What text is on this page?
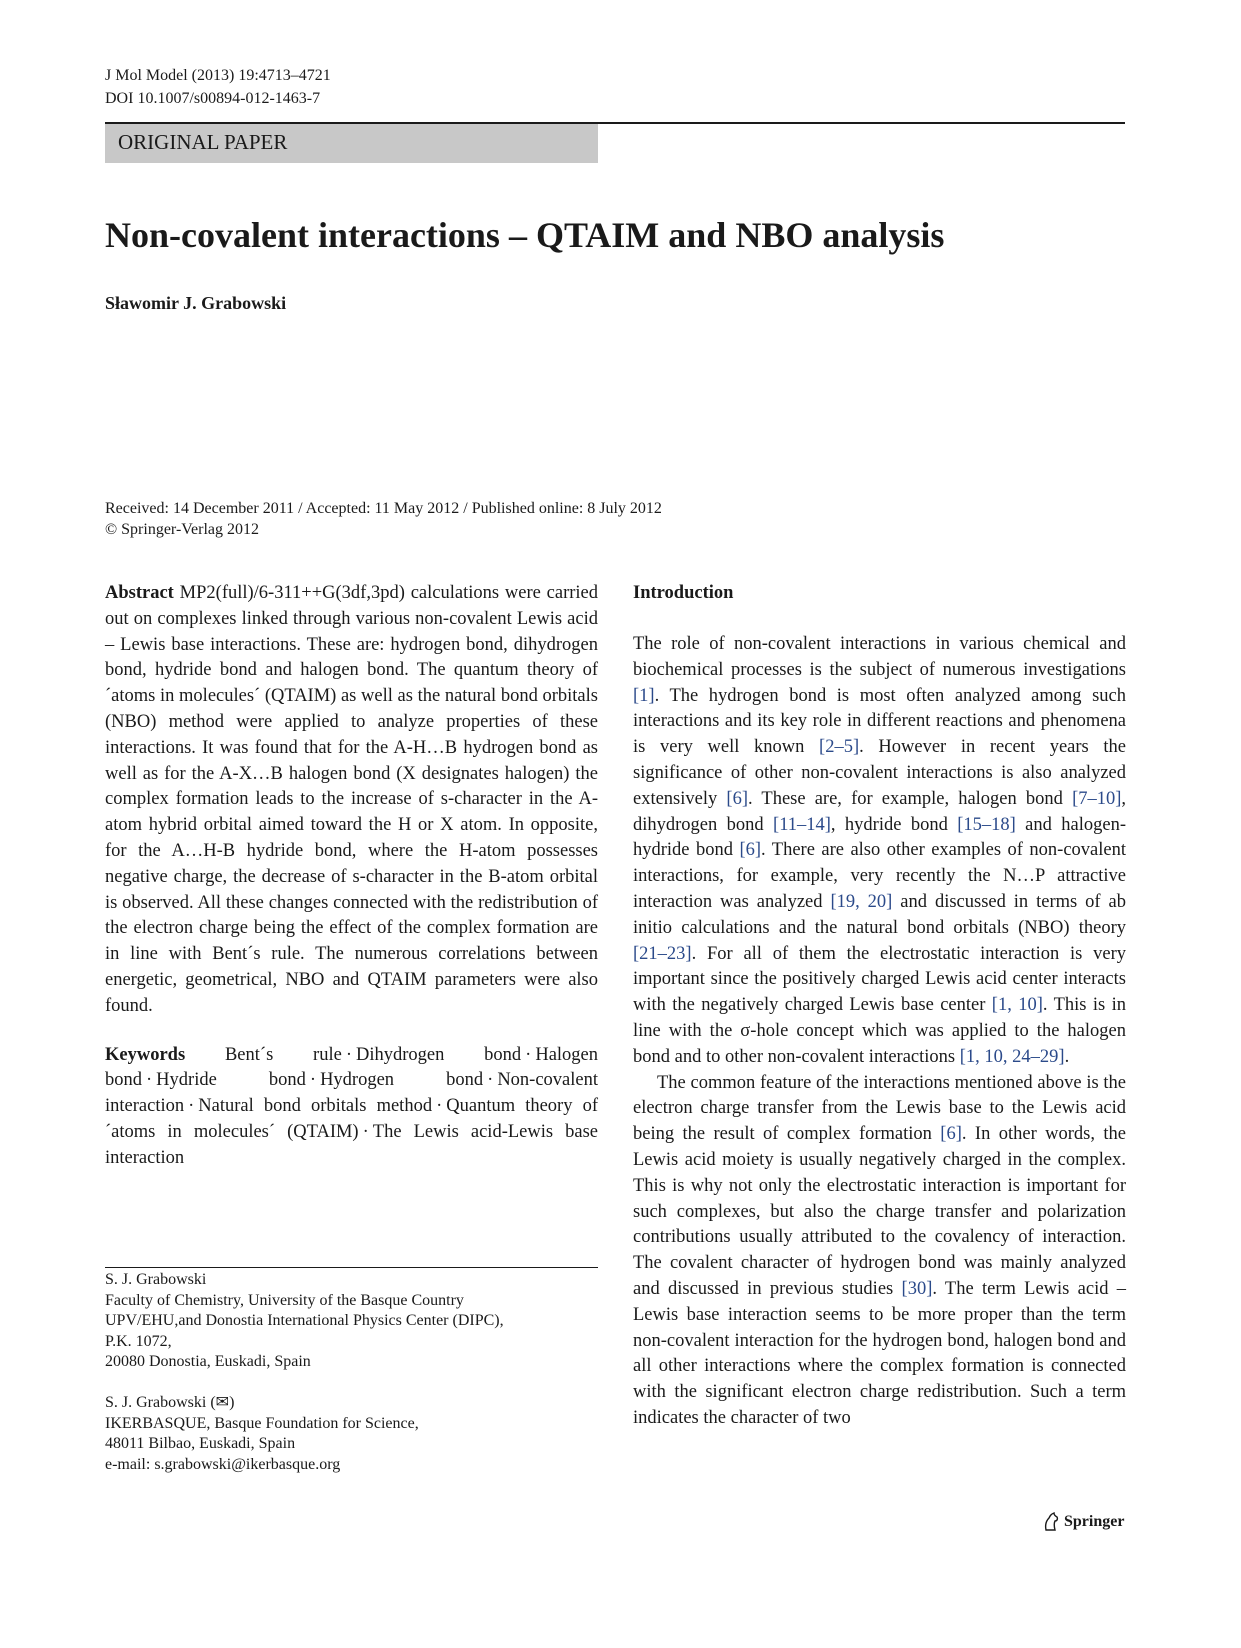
J Mol Model (2013) 19:4713–4721
DOI 10.1007/s00894-012-1463-7
ORIGINAL PAPER
Non-covalent interactions – QTAIM and NBO analysis
Sławomir J. Grabowski
Received: 14 December 2011 / Accepted: 11 May 2012 / Published online: 8 July 2012
© Springer-Verlag 2012

Abstract MP2(full)/6-311++G(3df,3pd) calculations were carried out on complexes linked through various non-covalent Lewis acid – Lewis base interactions. These are: hydrogen bond, dihydrogen bond, hydride bond and halogen bond. The quantum theory of ´atoms in molecules´ (QTAIM) as well as the natural bond orbitals (NBO) method were applied to analyze properties of these interactions. It was found that for the A-H…B hydrogen bond as well as for the A-X…B halogen bond (X designates halogen) the complex formation leads to the increase of s-character in the A-atom hybrid orbital aimed toward the H or X atom. In opposite, for the A…H-B hydride bond, where the H-atom possesses negative charge, the decrease of s-character in the B-atom orbital is observed. All these changes connected with the redistribution of the electron charge being the effect of the complex formation are in line with Bent´s rule. The numerous correlations between energetic, geometrical, NBO and QTAIM parameters were also found.

Keywords Bent´s rule · Dihydrogen bond · Halogen bond · Hydride bond · Hydrogen bond · Non-covalent interaction · Natural bond orbitals method · Quantum theory of ´atoms in molecules´ (QTAIM) · The Lewis acid-Lewis base interaction

S. J. Grabowski
Faculty of Chemistry, University of the Basque Country
UPV/EHU,and Donostia International Physics Center (DIPC),
P.K. 1072,
20080 Donostia, Euskadi, Spain
S. J. Grabowski (✉)
IKERBASQUE, Basque Foundation for Science,
48011 Bilbao, Euskadi, Spain
e-mail: s.grabowski@ikerbasque.org

Introduction

The role of non-covalent interactions in various chemical and biochemical processes is the subject of numerous investigations [1]. The hydrogen bond is most often analyzed among such interactions and its key role in different reactions and phenomena is very well known [2–5]. However in recent years the significance of other non-covalent interactions is also analyzed extensively [6]. These are, for example, halogen bond [7–10], dihydrogen bond [11–14], hydride bond [15–18] and halogen-hydride bond [6]. There are also other examples of non-covalent interactions, for example, very recently the N…P attractive interaction was analyzed [19, 20] and discussed in terms of ab initio calculations and the natural bond orbitals (NBO) theory [21–23]. For all of them the electrostatic interaction is very important since the positively charged Lewis acid center interacts with the negatively charged Lewis base center [1, 10]. This is in line with the σ-hole concept which was applied to the halogen bond and to other non-covalent interactions [1, 10, 24–29].

The common feature of the interactions mentioned above is the electron charge transfer from the Lewis base to the Lewis acid being the result of complex formation [6]. In other words, the Lewis acid moiety is usually negatively charged in the complex. This is why not only the electrostatic interaction is important for such complexes, but also the charge transfer and polarization contributions usually attributed to the covalency of interaction. The covalent character of hydrogen bond was mainly analyzed and discussed in previous studies [30]. The term Lewis acid – Lewis base interaction seems to be more proper than the term non-covalent interaction for the hydrogen bond, halogen bond and all other interactions where the complex formation is connected with the significant electron charge redistribution. Such a term indicates the character of two

Springer
